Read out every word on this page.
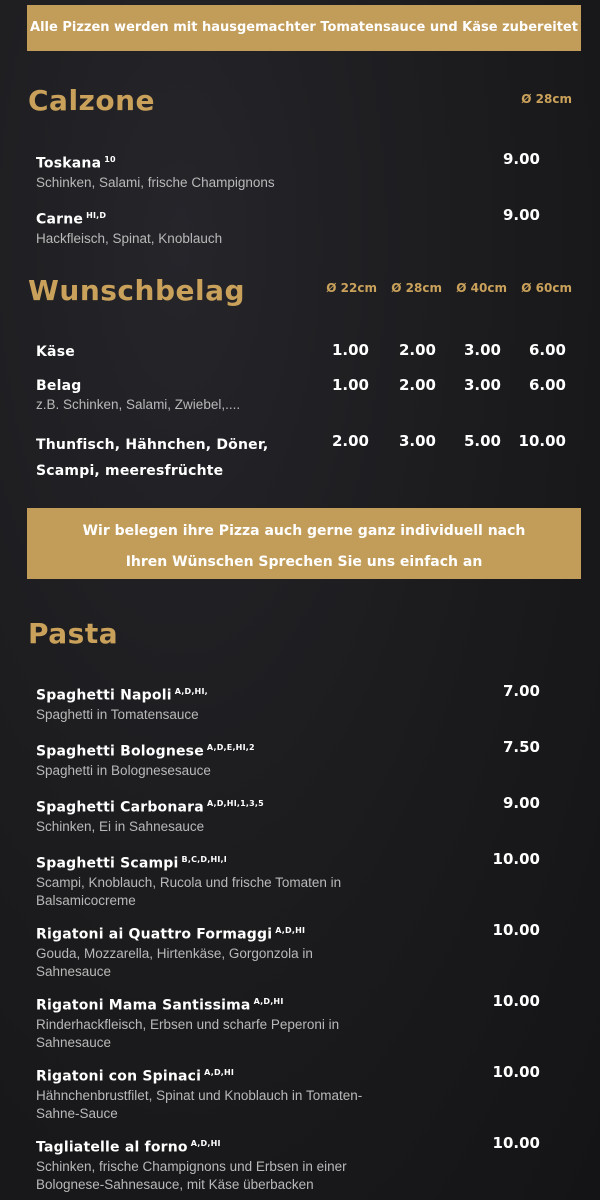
Alle Pizzen werden mit hausgemachter Tomatensauce und Käse zubereitet
Calzone	Ø 28cm
Toskana $^{10}$
Schinken, Salami, frische Champignons
9.00
Carne $^{HI,D}$
Hackfleisch, Spinat, Knoblauch
9.00
Wunschbelag	Ø 22cm	Ø 28cm	Ø 40cm	Ø 60cm
Käse	1.00	2.00	3.00	6.00
Belag
z.B. Schinken, Salami, Zwiebel,....
1.00	2.00	3.00	6.00
Thunfisch, Hähnchen, Döner,
Scampi, meeresfrüchte
2.00	3.00	5.00	10.00
Wir belegen ihre Pizza auch gerne ganz individuell nach
Ihren Wünschen Sprechen Sie uns einfach an
Pasta
Spaghetti Napoli $^{A,D,HI,}$
Spaghetti in Tomatensauce
7.00
Spaghetti Bolognese $^{A,D,E,HI,2}$
Spaghetti in Bolognesesauce
7.50
Spaghetti Carbonara $^{A,D,HI,1,3,5}$
Schinken, Ei in Sahnesauce
9.00
Spaghetti Scampi $^{B,C,D,HI,I}$
Scampi, Knoblauch, Rucola und frische Tomaten in Balsamicocreme
10.00
Rigatoni ai Quattro Formaggi $^{A,D,HI}$
Gouda, Mozzarella, Hirtenkäse, Gorgonzola in Sahnesauce
10.00
Rigatoni Mama Santissima $^{A,D,HI}$
Rinderhackfleisch, Erbsen und scharfe Peperoni in Sahnesauce
10.00
Rigatoni con Spinaci $^{A,D,HI}$
Hähnchenbrustfilet, Spinat und Knoblauch in Tomaten-Sahne-Sauce
10.00
Tagliatelle al forno $^{A,D,HI}$
Schinken, frische Champignons und Erbsen in einer Bolognese-Sahnesauce, mit Käse überbacken
10.00
